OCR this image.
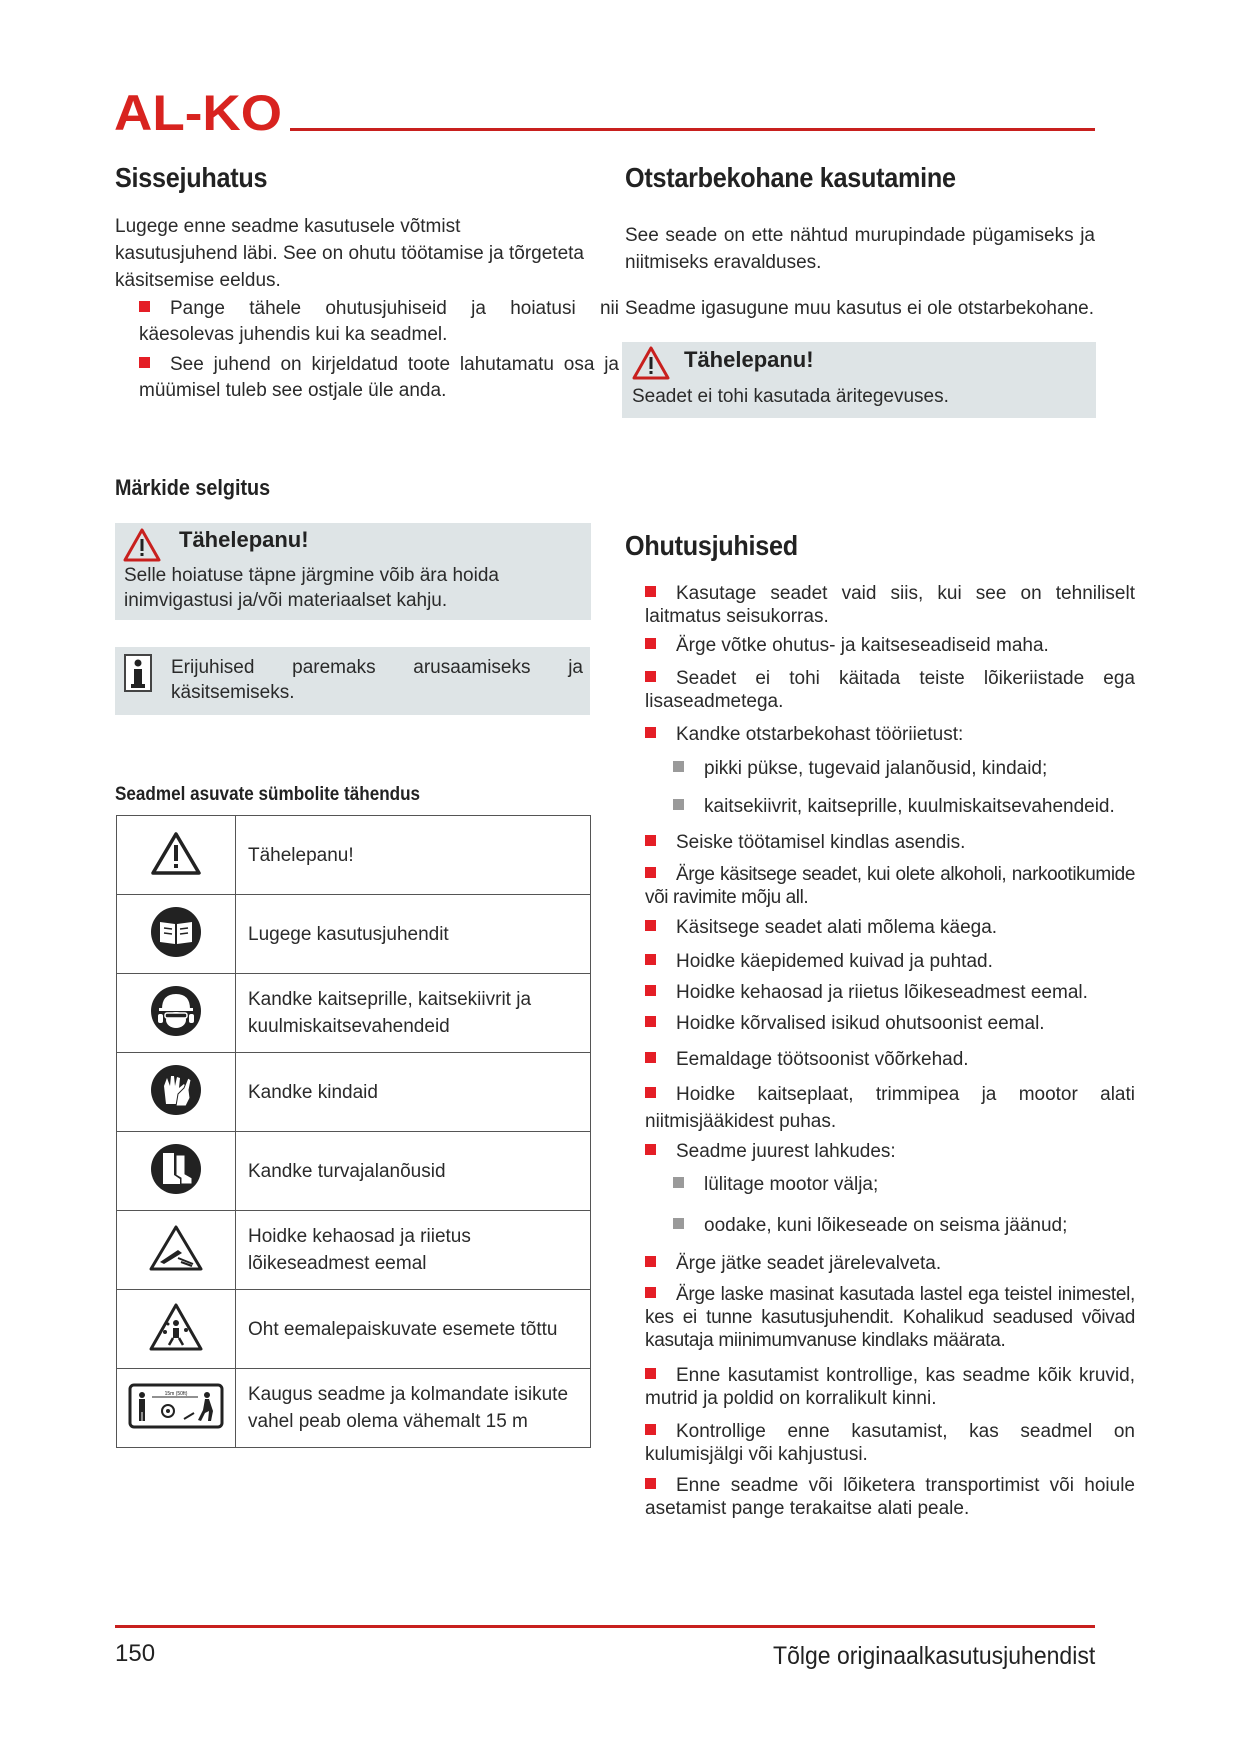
AL-KO
Sissejuhatus
Lugege enne seadme kasutusele võtmist kasutusjuhend läbi. See on ohutu töötamise ja tõrgeteta käsitsemise eeldus.
Pange tähele ohutusjuhiseid ja hoiatusi nii käesolevas juhendis kui ka seadmel.
See juhend on kirjeldatud toote lahutamatu osa ja müümisel tuleb see ostjale üle anda.
Otstarbekohane kasutamine
See seade on ette nähtud murupindade pügamiseks ja niitmiseks eravalduses.
Seadme igasugune muu kasutus ei ole otstarbekohane.
Tähelepanu!
Seadet ei tohi kasutada äritegevuses.
Märkide selgitus
Tähelepanu!
Selle hoiatuse täpne järgmine võib ära hoida inimvigastusi ja/või materiaalset kahju.
Erijuhised paremaks arusaamiseks ja käsitsemiseks.
Seadmel asuvate sümbolite tähendus
	Tähelepanu!
	Lugege kasutusjuhendit
	Kandke kaitseprille, kaitsekiivrit ja kuulmiskaitsevahendeid
	Kandke kindaid
	Kandke turvajalanõusid
	Hoidke kehaosad ja riietus lõikeseadmest eemal
	Oht eemalepaiskuvate esemete tõttu

15m (50ft)	Kaugus seadme ja kolmandate isikute vahel peab olema vähemalt 15 m
Ohutusjuhised
Kasutage seadet vaid siis, kui see on tehniliselt laitmatus seisukorras.
Ärge võtke ohutus- ja kaitseseadiseid maha.
Seadet ei tohi käitada teiste lõikeriistade ega lisaseadmetega.
Kandke otstarbekohast tööriietust:
pikki pükse, tugevaid jalanõusid, kindaid;
kaitsekiivrit, kaitseprille, kuulmiskaitsevahendeid.
Seiske töötamisel kindlas asendis.
Ärge käsitsege seadet, kui olete alkoholi, narkootikumide või ravimite mõju all.
Käsitsege seadet alati mõlema käega.
Hoidke käepidemed kuivad ja puhtad.
Hoidke kehaosad ja riietus lõikeseadmest eemal.
Hoidke kõrvalised isikud ohutsoonist eemal.
Eemaldage töötsoonist võõrkehad.
Hoidke kaitseplaat, trimmipea ja mootor alati niitmisjääkidest puhas.
Seadme juurest lahkudes:
lülitage mootor välja;
oodake, kuni lõikeseade on seisma jäänud;
Ärge jätke seadet järelevalveta.
Ärge laske masinat kasutada lastel ega teistel inimestel, kes ei tunne kasutusjuhendit. Kohalikud seadused võivad kasutaja miinimumvanuse kindlaks määrata.
Enne kasutamist kontrollige, kas seadme kõik kruvid, mutrid ja poldid on korralikult kinni.
Kontrollige enne kasutamist, kas seadmel on kulumisjälgi või kahjustusi.
Enne seadme või lõiketera transportimist või hoiule asetamist pange terakaitse alati peale.
150	Tõlge originaalkasutusjuhendist
